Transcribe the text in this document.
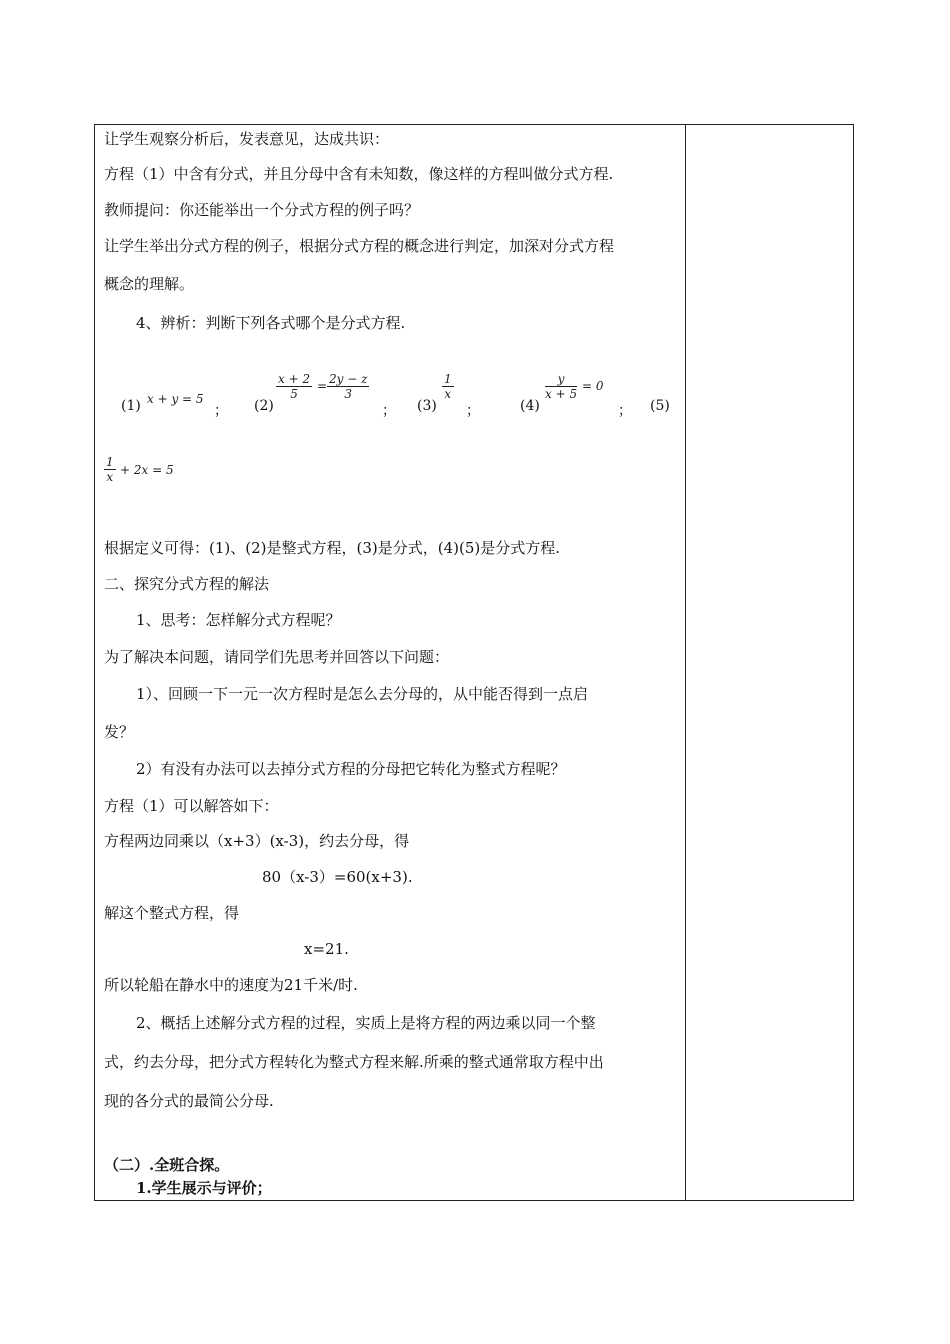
让学生观察分析后，发表意见，达成共识：
方程（1）中含有分式，并且分母中含有未知数，像这样的方程叫做分式方程.
教师提问：你还能举出一个分式方程的例子吗？
让学生举出分式方程的例子，根据分式方程的概念进行判定，加深对分式方程
概念的理解。
4、辨析：判断下列各式哪个是分式方程.
(1) x + y = 5
； (2)
$\frac{x + 2}{5} = \frac{2y - z}{3}$
； (3)
$\frac{1}{x}$
；	(4)
$\frac{y}{x + 5} = 0$
； (5)
$\frac{1}{x} + 2x = 5$
根据定义可得：(1)、(2)是整式方程，(3)是分式，(4)(5)是分式方程.
二、探究分式方程的解法
1、思考：怎样解分式方程呢？
为了解决本问题，请同学们先思考并回答以下问题：
1）、回顾一下一元一次方程时是怎么去分母的，从中能否得到一点启
发？
2）有没有办法可以去掉分式方程的分母把它转化为整式方程呢？
方程（1）可以解答如下：
方程两边同乘以（x+3）(x-3)，约去分母，得
80（x-3）=60(x+3).
解这个整式方程，得
x=21.
所以轮船在静水中的速度为21千米/时.
2、概括上述解分式方程的过程，实质上是将方程的两边乘以同一个整
式，约去分母，把分式方程转化为整式方程来解.所乘的整式通常取方程中出
现的各分式的最简公分母.
（二）.全班合探。
1.学生展示与评价；
